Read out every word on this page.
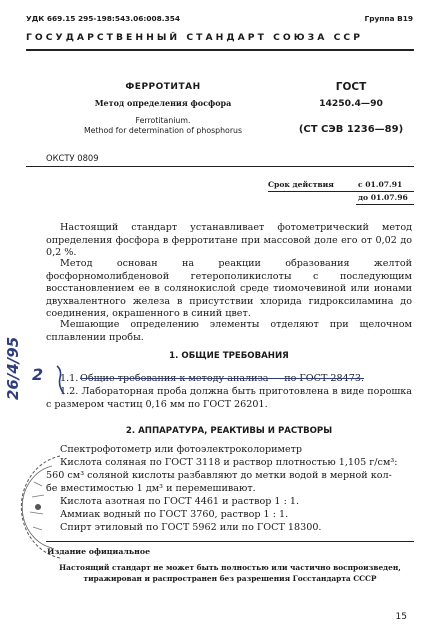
УДК 669.15 295-198:543.06:008.354	Группа В19
ГОСУДАРСТВЕННЫЙ СТАНДАРТ СОЮЗА ССР
ФЕРРОТИТАН
Метод определения фосфора
Ferrotitanium.
Method for determination of phosphorus
ГОСТ
14250.4—90
(СТ СЭВ 1236—89)
ОКСТУ 0809
Срок действия	с 01.07.91
до 01.07.96
Настоящий стандарт устанавливает фотометрический метод определения фосфора в ферротитане при массовой доле его от 0,02 до 0,2 %.
Метод основан на реакции образования желтой фосфорномолибденовой гетерополикислоты с последующим восстановлением ее в солянокислой среде тиомочевиной или ионами двухвалентного железа в присутствии хлорида гидроксиламина до соединения, окрашенного в синий цвет.
Мешающие определению элементы отделяют при щелочном сплавлении пробы.
1. ОБЩИЕ ТРЕБОВАНИЯ
1.1. Общие требования к методу анализа — по ГОСТ 28473.
1.2. Лабораторная проба должна быть приготовлена в виде порошка с размером частиц 0,16 мм по ГОСТ 26201.
2. АППАРАТУРА, РЕАКТИВЫ И РАСТВОРЫ
Спектрофотометр или фотоэлектроколориметр
Кислота соляная по ГОСТ 3118 и раствор плотностью 1,105 г/см³:
560 см³ соляной кислоты разбавляют до метки водой в мерной кол-
бе вместимостью 1 дм³ и перемешивают.
Кислота азотная по ГОСТ 4461 и раствор 1 : 1.
Аммиак водный по ГОСТ 3760, раствор 1 : 1.
Спирт этиловый по ГОСТ 5962 или по ГОСТ 18300.
26/4/95 2
Издание официальное
Настоящий стандарт не может быть полностью или частично воспроизведен, тиражирован и распространен без разрешения Госстандарта СССР
15
